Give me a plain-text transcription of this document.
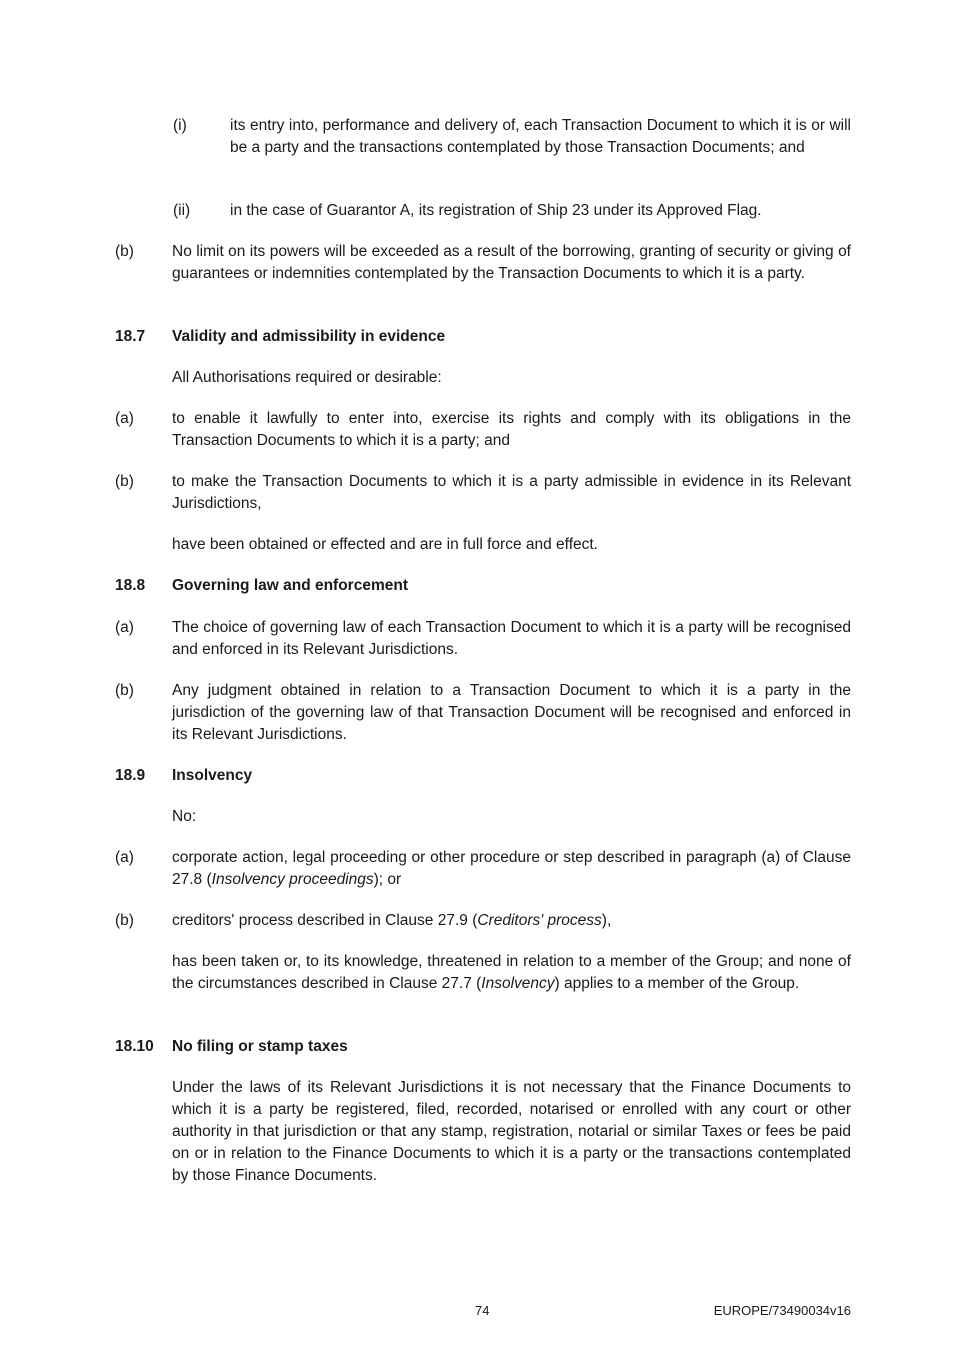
(i)	its entry into, performance and delivery of, each Transaction Document to which it is or will be a party and the transactions contemplated by those Transaction Documents; and
(ii)	in the case of Guarantor A, its registration of Ship 23 under its Approved Flag.
(b) No limit on its powers will be exceeded as a result of the borrowing, granting of security or giving of guarantees or indemnities contemplated by the Transaction Documents to which it is a party.
18.7 Validity and admissibility in evidence
All Authorisations required or desirable:
(a) to enable it lawfully to enter into, exercise its rights and comply with its obligations in the Transaction Documents to which it is a party; and
(b) to make the Transaction Documents to which it is a party admissible in evidence in its Relevant Jurisdictions,
have been obtained or effected and are in full force and effect.
18.8 Governing law and enforcement
(a) The choice of governing law of each Transaction Document to which it is a party will be recognised and enforced in its Relevant Jurisdictions.
(b) Any judgment obtained in relation to a Transaction Document to which it is a party in the jurisdiction of the governing law of that Transaction Document will be recognised and enforced in its Relevant Jurisdictions.
18.9 Insolvency
No:
(a) corporate action, legal proceeding or other procedure or step described in paragraph (a) of Clause 27.8 (Insolvency proceedings); or
(b) creditors' process described in Clause 27.9 (Creditors' process),
has been taken or, to its knowledge, threatened in relation to a member of the Group; and none of the circumstances described in Clause 27.7 (Insolvency) applies to a member of the Group.
18.10 No filing or stamp taxes
Under the laws of its Relevant Jurisdictions it is not necessary that the Finance Documents to which it is a party be registered, filed, recorded, notarised or enrolled with any court or other authority in that jurisdiction or that any stamp, registration, notarial or similar Taxes or fees be paid on or in relation to the Finance Documents to which it is a party or the transactions contemplated by those Finance Documents.
74	EUROPE/73490034v16
